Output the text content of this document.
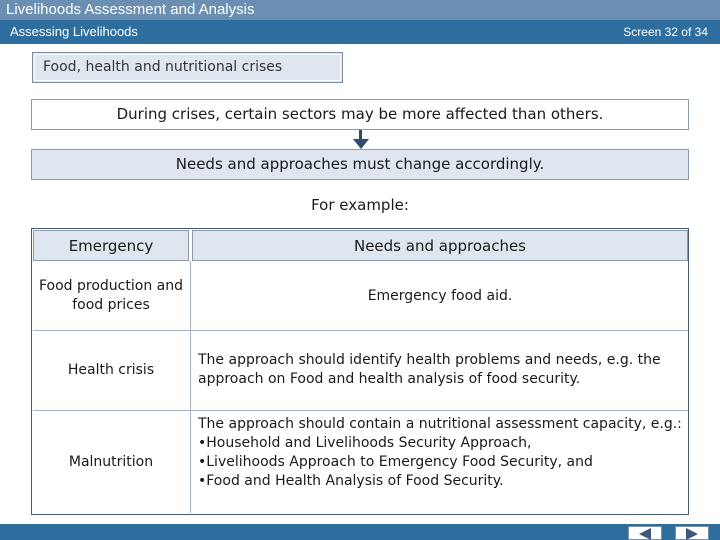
Livelihoods Assessment and Analysis
Assessing Livelihoods	Screen 32 of 34
Food, health and nutritional crises
During crises, certain sectors may be more affected than others.
Needs and approaches must change accordingly.
For example:
Emergency	Needs and approaches
Food production and food prices
Emergency food aid.
Health crisis
The approach should identify health problems and needs, e.g. the approach on Food and health analysis of food security.
Malnutrition
The approach should contain a nutritional assessment capacity, e.g.:
•Household and Livelihoods Security Approach,
•Livelihoods Approach to Emergency Food Security, and
•Food and Health Analysis of Food Security.
